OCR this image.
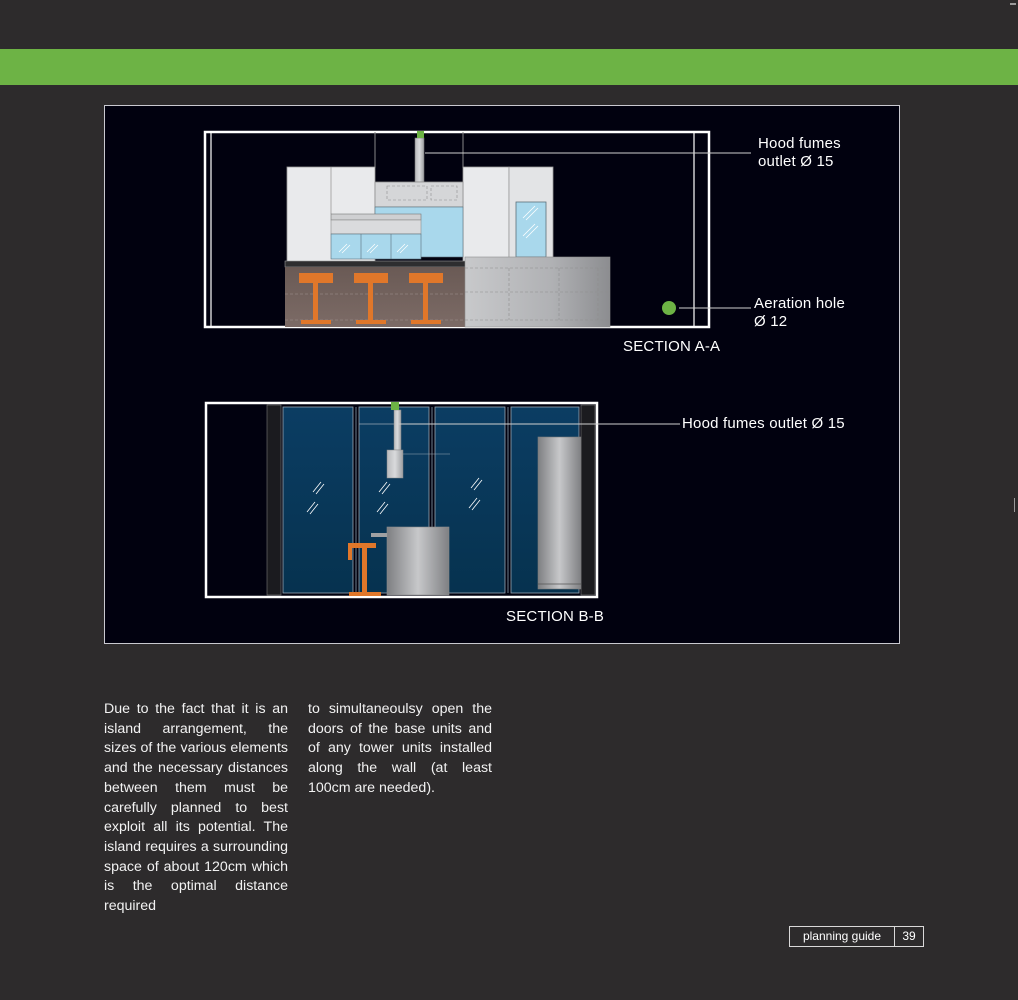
Hood fumes
outlet Ø 15
Aeration hole
Ø 12
SECTION A-A
Hood fumes outlet Ø 15
SECTION B-B
Due to the fact that it is an island arrangement, the sizes of the various elements and the necessary distances between them must be carefully planned to best exploit all its potential. The island requires a surrounding space of about 120cm which is the optimal distance required
to simultaneoulsy open the doors of the base units and of any tower units installed along the wall (at least 100cm are needed).
planning guide	39
